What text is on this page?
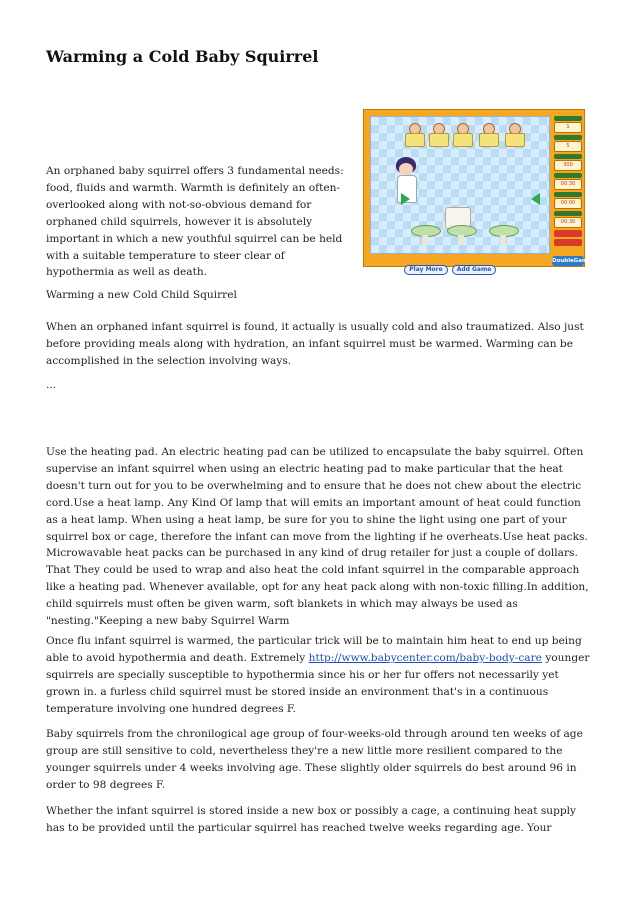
Warming a Cold Baby Squirrel
1
5
300
00:30
00:00
00:30
Play More Add Game
DoubleGames

An orphaned baby squirrel offers 3 fundamental needs: food, fluids and warmth. Warmth is definitely an often-overlooked along with not-so-obvious demand for orphaned child squirrels, however it is absolutely important in which a new youthful squirrel can be held with a suitable temperature to steer clear of hypothermia as well as death.

Warming a new Cold Child Squirrel

When an orphaned infant squirrel is found, it actually is usually cold and also traumatized. Also just before providing meals along with hydration, an infant squirrel must be warmed. Warming can be accomplished in the selection involving ways.

...

Use the heating pad. An electric heating pad can be utilized to encapsulate the baby squirrel. Often supervise an infant squirrel when using an electric heating pad to make particular that the heat doesn't turn out for you to be overwhelming and to ensure that he does not chew about the electric cord.Use a heat lamp. Any Kind Of lamp that will emits an important amount of heat could function as a heat lamp. When using a heat lamp, be sure for you to shine the light using one part of your squirrel box or cage, therefore the infant can move from the lighting if he overheats.Use heat packs. Microwavable heat packs can be purchased in any kind of drug retailer for just a couple of dollars. That They could be used to wrap and also heat the cold infant squirrel in the comparable approach like a heating pad. Whenever available, opt for any heat pack along with non-toxic filling.In addition, child squirrels must often be given warm, soft blankets in which may always be used as "nesting."Keeping a new baby Squirrel Warm

Once flu infant squirrel is warmed, the particular trick will be to maintain him heat to end up being able to avoid hypothermia and death. Extremely http://www.babycenter.com/baby-body-care younger squirrels are specially susceptible to hypothermia since his or her fur offers not necessarily yet grown in. a furless child squirrel must be stored inside an environment that's in a continuous temperature involving one hundred degrees F.

Baby squirrels from the chronilogical age group of four-weeks-old through around ten weeks of age group are still sensitive to cold, nevertheless they're a new little more resilient compared to the younger squirrels under 4 weeks involving age. These slightly older squirrels do best around 96 in order to 98 degrees F.

Whether the infant squirrel is stored inside a new box or possibly a cage, a continuing heat supply has to be provided until the particular squirrel has reached twelve weeks regarding age. Your
